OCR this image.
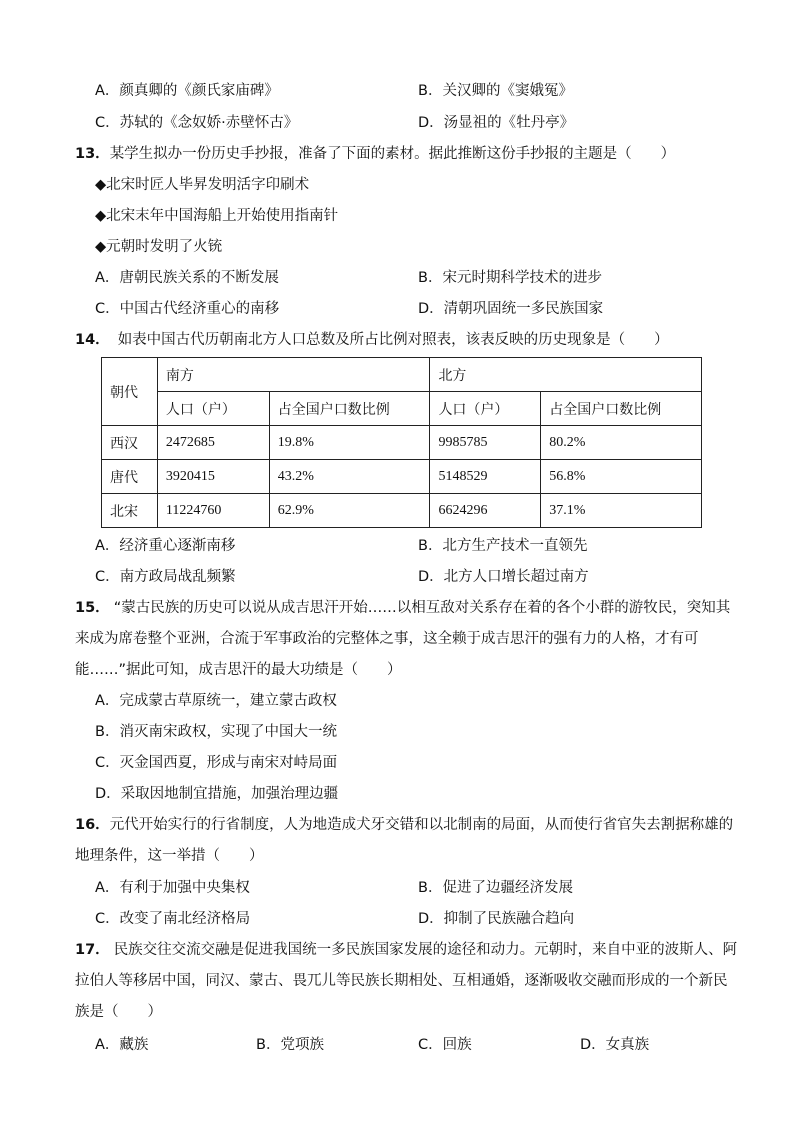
A．颜真卿的《颜氏家庙碑》	B．关汉卿的《窦娥冤》
C．苏轼的《念奴娇·赤壁怀古》	D．汤显祖的《牡丹亭》
13．某学生拟办一份历史手抄报，准备了下面的素材。据此推断这份手抄报的主题是（　　）
◆北宋时匠人毕昇发明活字印刷术
◆北宋末年中国海船上开始使用指南针
◆元朝时发明了火铳
A．唐朝民族关系的不断发展	B．宋元时期科学技术的进步
C．中国古代经济重心的南移	D．清朝巩固统一多民族国家
14． 如表中国古代历朝南北方人口总数及所占比例对照表，该表反映的历史现象是（　　）
朝代	南方		北方	
	人口（户）	占全国户口数比例	人口（户）	占全国户口数比例
西汉	2472685	19.8%	9985785	80.2%
唐代	3920415	43.2%	5148529	56.8%
北宋	11224760	62.9%	6624296	37.1%
A．经济重心逐渐南移	B．北方生产技术一直领先
C．南方政局战乱频繁	D．北方人口增长超过南方
15． “蒙古民族的历史可以说从成吉思汗开始……以相互敌对关系存在着的各个小群的游牧民，突知其
来成为席卷整个亚洲，合流于军事政治的完整体之事，这全赖于成吉思汗的强有力的人格，才有可
能……”据此可知，成吉思汗的最大功绩是（　　）
A．完成蒙古草原统一，建立蒙古政权
B．消灭南宋政权，实现了中国大一统
C．灭金国西夏，形成与南宋对峙局面
D．采取因地制宜措施，加强治理边疆
16．元代开始实行的行省制度，人为地造成犬牙交错和以北制南的局面，从而使行省官失去割据称雄的
地理条件，这一举措（　　）
A．有利于加强中央集权	B．促进了边疆经济发展
C．改变了南北经济格局	D．抑制了民族融合趋向
17． 民族交往交流交融是促进我国统一多民族国家发展的途径和动力。元朝时，来自中亚的波斯人、阿
拉伯人等移居中国，同汉、蒙古、畏兀儿等民族长期相处、互相通婚，逐渐吸收交融而形成的一个新民
族是（　　）
A．藏族	B．党项族	C．回族	D．女真族
